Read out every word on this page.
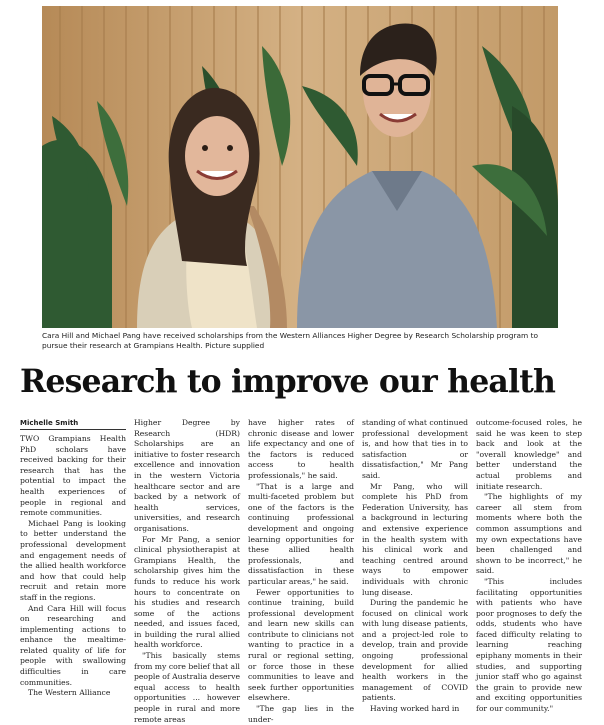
Cara Hill and Michael Pang have received scholarships from the Western Alliances Higher Degree by Research Scholarship program to pursue their research at Grampians Health. Picture supplied
Research to improve our health

Michelle Smith

TWO Grampians Health PhD scholars have received backing for their research that has the potential to impact the health experiences of people in regional and remote communities.

Michael Pang is looking to better understand the professional development and engagement needs of the allied health workforce and how that could help recruit and retain more staff in the regions.

And Cara Hill will focus on researching and implementing actions to enhance the mealtime-related quality of life for people with swallowing difficulties in care communities.

The Western Alliance

Higher Degree by Research (HDR) Scholarships are an initiative to foster research excellence and innovation in the western Victoria healthcare sector and are backed by a network of health services, universities, and research organisations.

For Mr Pang, a senior clinical physiotherapist at Grampians Health, the scholarship gives him the funds to reduce his work hours to concentrate on his studies and research some of the actions needed, and issues faced, in building the rural allied health workforce.

"This basically stems from my core belief that all people of Australia deserve equal access to health opportunities ... however people in rural and more remote areas

have higher rates of chronic disease and lower life expectancy and one of the factors is reduced access to health professionals," he said.

"That is a large and multi-faceted problem but one of the factors is the continuing professional development and ongoing learning opportunities for these allied health professionals, and dissatisfaction in these particular areas," he said.

Fewer opportunities to continue training, build professional development and learn new skills can contribute to clinicians not wanting to practice in a rural or regional setting, or force those in these communities to leave and seek further opportunities elsewhere.

"The gap lies in the under-

standing of what continued professional development is, and how that ties in to satisfaction or dissatisfaction," Mr Pang said.

Mr Pang, who will complete his PhD from Federation University, has a background in lecturing and extensive experience in the health system with his clinical work and teaching centred around ways to empower individuals with chronic lung disease.

During the pandemic he focused on clinical work with lung disease patients, and a project-led role to develop, train and provide ongoing professional development for allied health workers in the management of COVID patients.

Having worked hard in

outcome-focused roles, he said he was keen to step back and look at the "overall knowledge" and better understand the actual problems and initiate research.

"The highlights of my career all stem from moments where both the common assumptions and my own expectations have been challenged and shown to be incorrect," he said.

"This includes facilitating opportunities with patients who have poor prognoses to defy the odds, students who have faced difficulty relating to learning reaching epiphany moments in their studies, and supporting junior staff who go against the grain to provide new and exciting opportunities for our community."
